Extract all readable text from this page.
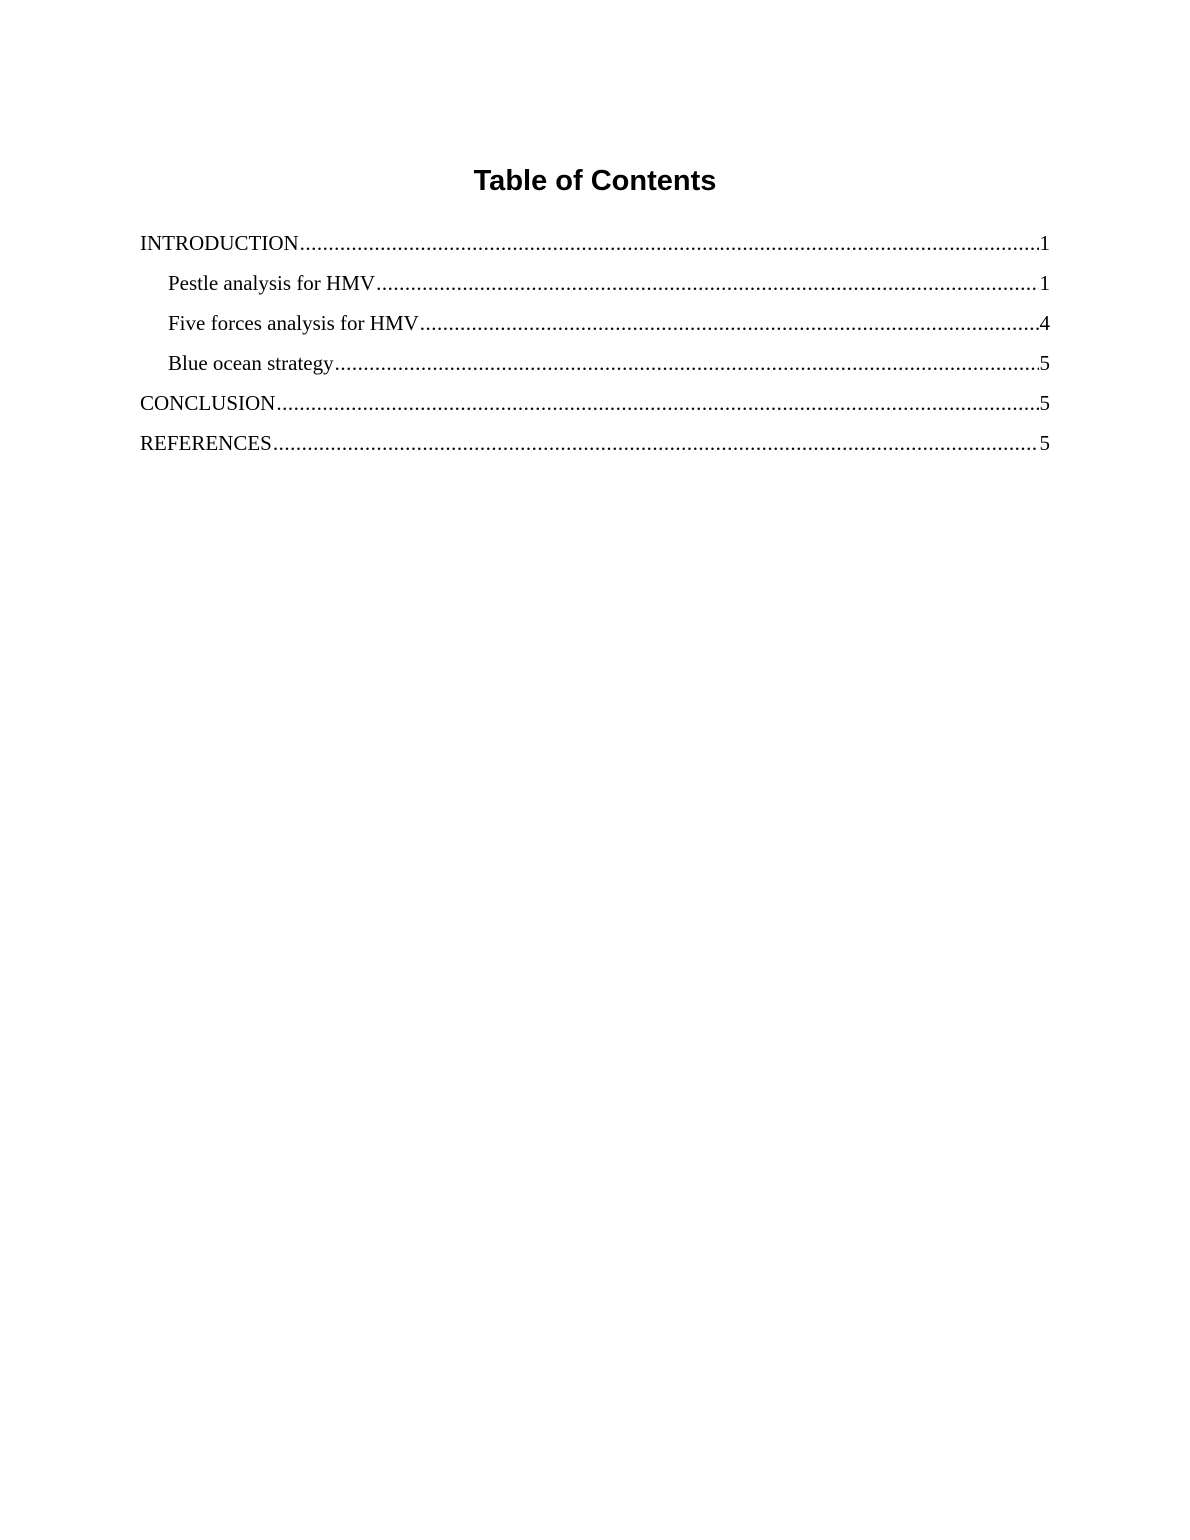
Table of Contents
INTRODUCTION .....	1
Pestle analysis for HMV .....	1
Five forces analysis for HMV .....	4
Blue ocean strategy .....	5
CONCLUSION .....	5
REFERENCES .....	5
